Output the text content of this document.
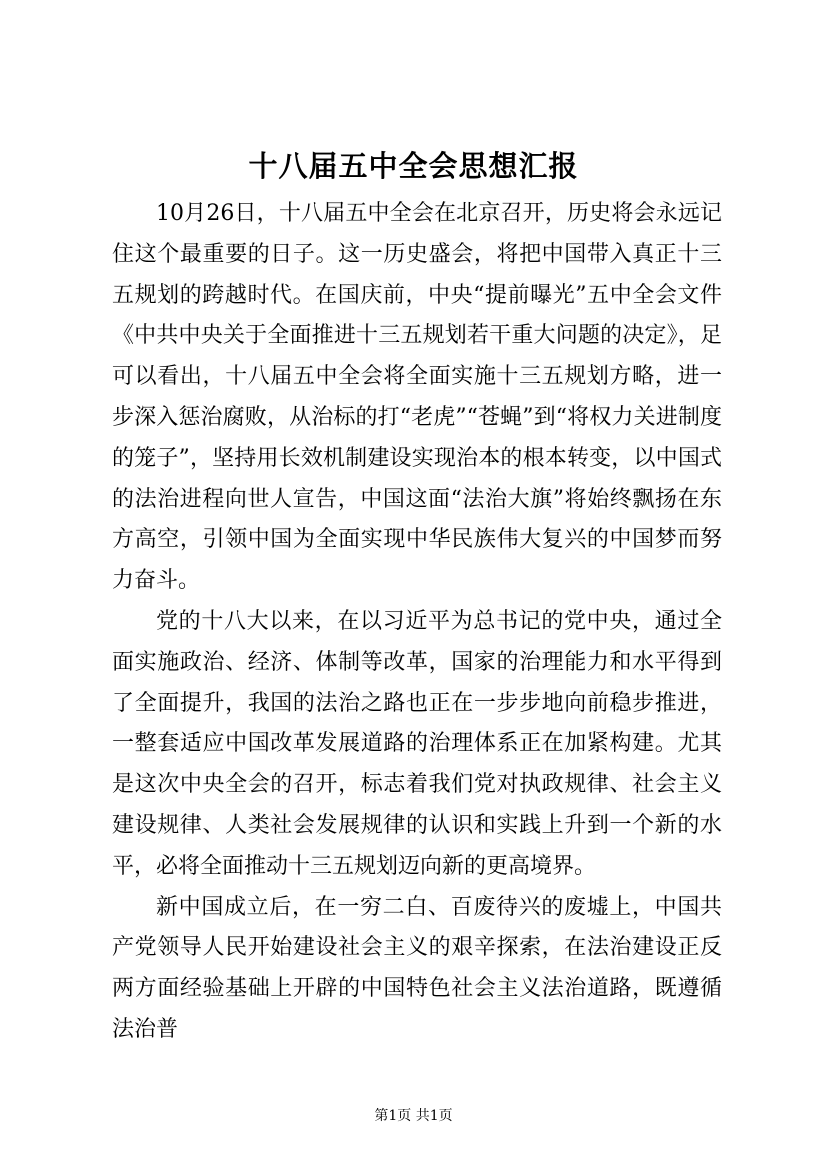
十八届五中全会思想汇报

10月26日，十八届五中全会在北京召开，历史将会永远记住这个最重要的日子。这一历史盛会，将把中国带入真正十三五规划的跨越时代。在国庆前，中央“提前曝光”五中全会文件《中共中央关于全面推进十三五规划若干重大问题的决定》，足可以看出，十八届五中全会将全面实施十三五规划方略，进一步深入惩治腐败，从治标的打“老虎”“苍蝇”到“将权力关进制度的笼子”，坚持用长效机制建设实现治本的根本转变，以中国式的法治进程向世人宣告，中国这面“法治大旗”将始终飘扬在东方高空，引领中国为全面实现中华民族伟大复兴的中国梦而努力奋斗。

党的十八大以来，在以习近平为总书记的党中央，通过全面实施政治、经济、体制等改革，国家的治理能力和水平得到了全面提升，我国的法治之路也正在一步步地向前稳步推进，一整套适应中国改革发展道路的治理体系正在加紧构建。尤其是这次中央全会的召开，标志着我们党对执政规律、社会主义建设规律、人类社会发展规律的认识和实践上升到一个新的水平，必将全面推动十三五规划迈向新的更高境界。

新中国成立后，在一穷二白、百废待兴的废墟上，中国共产党领导人民开始建设社会主义的艰辛探索，在法治建设正反两方面经验基础上开辟的中国特色社会主义法治道路，既遵循法治普

第1页 共1页
